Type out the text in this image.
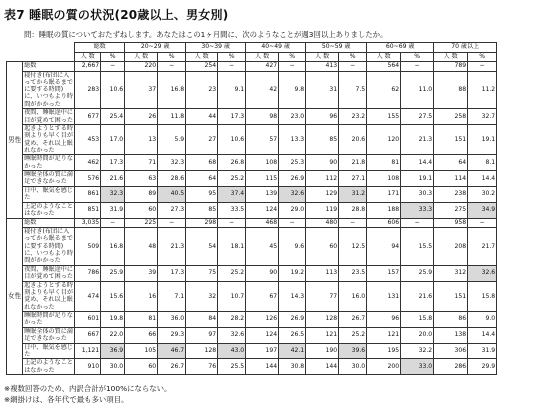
表7 睡眠の質の状況(20歳以上、男女別)
問：睡眠の質についておたずねします。あなたはこの1ヶ月間に、次のようなことが週3回以上ありましたか。
		総数		20~29 歳		30~39 歳		40~49 歳		50~59 歳		60~69 歳		70 歳以上	
		人 数	%	人 数	%	人 数	%	人 数	%	人 数	%	人 数	%	人 数	%
男性	総数	2,667	−	220	−	254	−	427	−	413	−	564	−	789	−
	寝付き(布団に入ってから眠るまでに要する時間)に、いつもより時間がかかった	283	10.6	37	16.8	23	9.1	42	9.8	31	7.5	62	11.0	88	11.2
	夜間、睡眠途中に目が覚めて困った	677	25.4	26	11.8	44	17.3	98	23.0	96	23.2	155	27.5	258	32.7
	起きようとする時刻よりも早く目が覚め、それ以上眠れなかった	453	17.0	13	5.9	27	10.6	57	13.3	85	20.6	120	21.3	151	19.1
	睡眠時間が足りなかった	462	17.3	71	32.3	68	26.8	108	25.3	90	21.8	81	14.4	64	8.1
	睡眠全体の質に満足できなかった	576	21.6	63	28.6	64	25.2	115	26.9	112	27.1	108	19.1	114	14.4
	日中、眠気を感じた	861	32.3	89	40.5	95	37.4	139	32.6	129	31.2	171	30.3	238	30.2
	上記のようなことはなかった	851	31.9	60	27.3	85	33.5	124	29.0	119	28.8	188	33.3	275	34.9
女性	総数	3,035	−	225	−	298	−	468	−	480	−	606	−	958	−
	寝付き(布団に入ってから眠るまでに要する時間)に、いつもより時間がかかった	509	16.8	48	21.3	54	18.1	45	9.6	60	12.5	94	15.5	208	21.7
	夜間、睡眠途中に目が覚めて困った	786	25.9	39	17.3	75	25.2	90	19.2	113	23.5	157	25.9	312	32.6
	起きようとする時刻よりも早く目が覚め、それ以上眠れなかった	474	15.6	16	7.1	32	10.7	67	14.3	77	16.0	131	21.6	151	15.8
	睡眠時間が足りなかった	601	19.8	81	36.0	84	28.2	126	26.9	128	26.7	96	15.8	86	9.0
	睡眠全体の質に満足できなかった	667	22.0	66	29.3	97	32.6	124	26.5	121	25.2	121	20.0	138	14.4
	日中、眠気を感じた	1,121	36.9	105	46.7	128	43.0	197	42.1	190	39.6	195	32.2	306	31.9
	上記のようなことはなかった	910	30.0	60	26.7	76	25.5	144	30.8	144	30.0	200	33.0	286	29.9
※複数回答のため、内訳合計が100%にならない。
※網掛けは、各年代で最も多い項目。
